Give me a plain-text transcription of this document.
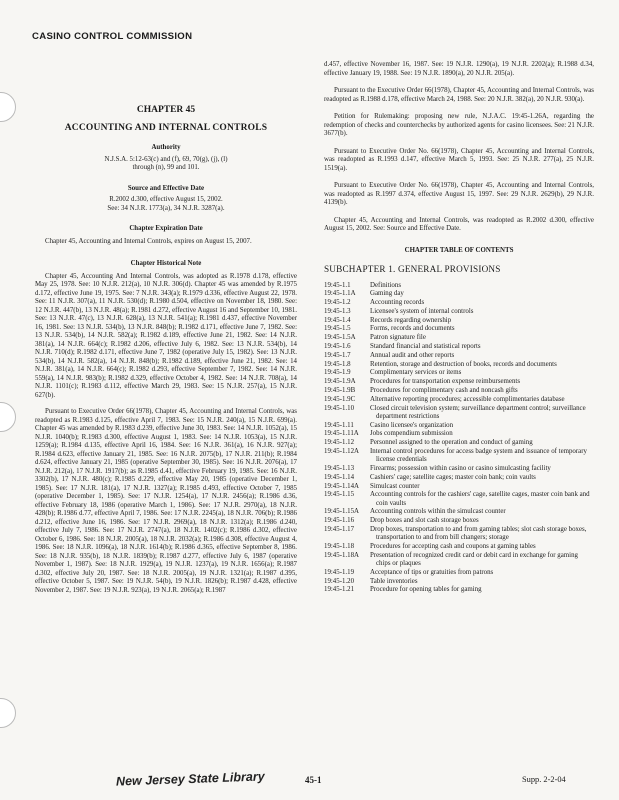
CASINO CONTROL COMMISSION
CHAPTER 45
ACCOUNTING AND INTERNAL CONTROLS
Authority
N.J.S.A. 5:12-63(c) and (f), 69, 70(g), (j), (l) through (n), 99 and 101.
Source and Effective Date
R.2002 d.300, effective August 15, 2002.
See: 34 N.J.R. 1773(a), 34 N.J.R. 3287(a).
Chapter Expiration Date

Chapter 45, Accounting and Internal Controls, expires on August 15, 2007.

Chapter Historical Note

Chapter 45, Accounting And Internal Controls, was adopted as R.1978 d.178, effective May 25, 1978. See: 10 N.J.R. 212(a), 10 N.J.R. 306(d). Chapter 45 was amended by R.1975 d.172, effective June 19, 1975. See: 7 N.J.R. 343(a); R.1979 d.336, effective August 22, 1978. See: 11 N.J.R. 307(a), 11 N.J.R. 530(d); R.1980 d.504, effective on November 18, 1980. See: 12 N.J.R. 447(b), 13 N.J.R. 48(a); R.1981 d.272, effective August 16 and September 10, 1981. See: 13 N.J.R. 47(c), 13 N.J.R. 628(a), 13 N.J.R. 541(a); R.1981 d.437, effective November 16, 1981. See: 13 N.J.R. 534(b), 13 N.J.R. 848(b); R.1982 d.171, effective June 7, 1982. See: 13 N.J.R. 534(b), 14 N.J.R. 582(a); R.1982 d.189, effective June 21, 1982. See: 14 N.J.R. 381(a), 14 N.J.R. 664(c); R.1982 d.206, effective July 6, 1982. See: 13 N.J.R. 534(b), 14 N.J.R. 710(d); R.1982 d.171, effective June 7, 1982 (operative July 15, 1982). See: 13 N.J.R. 534(b), 14 N.J.R. 582(a), 14 N.J.R. 848(b); R.1982 d.189, effective June 21, 1982. See: 14 N.J.R. 381(a), 14 N.J.R. 664(c); R.1982 d.293, effective September 7, 1982. See: 14 N.J.R. 559(a), 14 N.J.R. 983(b); R.1982 d.329, effective October 4, 1982. See: 14 N.J.R. 708(a), 14 N.J.R. 1101(c); R.1983 d.112, effective March 29, 1983. See: 15 N.J.R. 257(a), 15 N.J.R. 627(b).

Pursuant to Executive Order 66(1978), Chapter 45, Accounting and Internal Controls, was readopted as R.1983 d.125, effective April 7, 1983. See: 15 N.J.R. 240(a), 15 N.J.R. 699(a). Chapter 45 was amended by R.1983 d.239, effective June 30, 1983. See: 14 N.J.R. 1052(a), 15 N.J.R. 1040(b); R.1983 d.300, effective August 1, 1983. See: 14 N.J.R. 1053(a), 15 N.J.R. 1259(a); R.1984 d.135, effective April 16, 1984. See: 16 N.J.R. 361(a), 16 N.J.R. 927(a); R.1984 d.623, effective January 21, 1985. See: 16 N.J.R. 2075(b), 17 N.J.R. 211(b); R.1984 d.624, effective January 21, 1985 (operative September 30, 1985). See: 16 N.J.R. 2076(a), 17 N.J.R. 212(a), 17 N.J.R. 1917(b); as R.1985 d.41, effective February 19, 1985. See: 16 N.J.R. 3302(b), 17 N.J.R. 480(c); R.1985 d.229, effective May 20, 1985 (operative December 1, 1985). See: 17 N.J.R. 181(a), 17 N.J.R. 1327(a); R.1985 d.493, effective October 7, 1985 (operative December 1, 1985). See: 17 N.J.R. 1254(a), 17 N.J.R. 2456(a); R.1986 d.36, effective February 18, 1986 (operative March 1, 1986). See: 17 N.J.R. 2970(a), 18 N.J.R. 428(b); R.1986 d.77, effective April 7, 1986. See: 17 N.J.R. 2245(a), 18 N.J.R. 706(b); R.1986 d.212, effective June 16, 1986. See: 17 N.J.R. 2969(a), 18 N.J.R. 1312(a); R.1986 d.240, effective July 7, 1986. See: 17 N.J.R. 2747(a), 18 N.J.R. 1402(c); R.1986 d.302, effective October 6, 1986. See: 18 N.J.R. 2005(a), 18 N.J.R. 2032(a); R.1986 d.308, effective August 4, 1986. See: 18 N.J.R. 1096(a), 18 N.J.R. 1614(b); R.1986 d.365, effective September 8, 1986. See: 18 N.J.R. 935(b), 18 N.J.R. 1839(b); R.1987 d.277, effective July 6, 1987 (operative November 1, 1987). See: 18 N.J.R. 1929(a), 19 N.J.R. 1237(a), 19 N.J.R. 1656(a); R.1987 d.302, effective July 20, 1987. See: 18 N.J.R. 2005(a), 19 N.J.R. 1321(a); R.1987 d.395, effective October 5, 1987. See: 19 N.J.R. 54(b), 19 N.J.R. 1826(b); R.1987 d.428, effective November 2, 1987. See: 19 N.J.R. 923(a), 19 N.J.R. 2065(a); R.1987

d.457, effective November 16, 1987. See: 19 N.J.R. 1290(a), 19 N.J.R. 2202(a); R.1988 d.34, effective January 19, 1988. See: 19 N.J.R. 1890(a), 20 N.J.R. 205(a).

Pursuant to the Executive Order 66(1978), Chapter 45, Accounting and Internal Controls, was readopted as R.1988 d.178, effective March 24, 1988. See: 20 N.J.R. 382(a), 20 N.J.R. 930(a).

Petition for Rulemaking: proposing new rule, N.J.A.C. 19:45-1.26A, regarding the redemption of checks and counterchecks by authorized agents for casino licensees. See: 21 N.J.R. 3677(b).

Pursuant to Executive Order No. 66(1978), Chapter 45, Accounting and Internal Controls, was readopted as R.1993 d.147, effective March 5, 1993. See: 25 N.J.R. 277(a), 25 N.J.R. 1519(a).

Pursuant to Executive Order No. 66(1978), Chapter 45, Accounting and Internal Controls, was readopted as R.1997 d.374, effective August 15, 1997. See: 29 N.J.R. 2629(b), 29 N.J.R. 4139(b).

Chapter 45, Accounting and Internal Controls, was readopted as R.2002 d.300, effective August 15, 2002. See: Source and Effective Date.

CHAPTER TABLE OF CONTENTS
SUBCHAPTER 1. GENERAL PROVISIONS
19:45-1.1	Definitions
19:45-1.1A	Gaming day
19:45-1.2	Accounting records
19:45-1.3	Licensee's system of internal controls
19:45-1.4	Records regarding ownership
19:45-1.5	Forms, records and documents
19:45-1.5A	Patron signature file
19:45-1.6	Standard financial and statistical reports
19:45-1.7	Annual audit and other reports
19:45-1.8	Retention, storage and destruction of books, records and documents
19:45-1.9	Complimentary services or items
19:45-1.9A	Procedures for transportation expense reimbursements
19:45-1.9B	Procedures for complimentary cash and noncash gifts
19:45-1.9C	Alternative reporting procedures; accessible complimentaries database
19:45-1.10	Closed circuit television system; surveillance department control; surveillance department restrictions
19:45-1.11	Casino licensee's organization
19:45-1.11A	Jobs compendium submission
19:45-1.12	Personnel assigned to the operation and conduct of gaming
19:45-1.12A	Internal control procedures for access badge system and issuance of temporary license credentials
19:45-1.13	Firearms; possession within casino or casino simulcasting facility
19:45-1.14	Cashiers' cage; satellite cages; master coin bank; coin vaults
19:45-1.14A	Simulcast counter
19:45-1.15	Accounting controls for the cashiers' cage, satellite cages, master coin bank and coin vaults
19:45-1.15A	Accounting controls within the simulcast counter
19:45-1.16	Drop boxes and slot cash storage boxes
19:45-1.17	Drop boxes, transportation to and from gaming tables; slot cash storage boxes, transportation to and from bill changers; storage
19:45-1.18	Procedures for accepting cash and coupons at gaming tables
19:45-1.18A	Presentation of recognized credit card or debit card in exchange for gaming chips or plaques
19:45-1.19	Acceptance of tips or gratuities from patrons
19:45-1.20	Table inventories
19:45-1.21	Procedure for opening tables for gaming
New Jersey State Library	45-1	Supp. 2-2-04
